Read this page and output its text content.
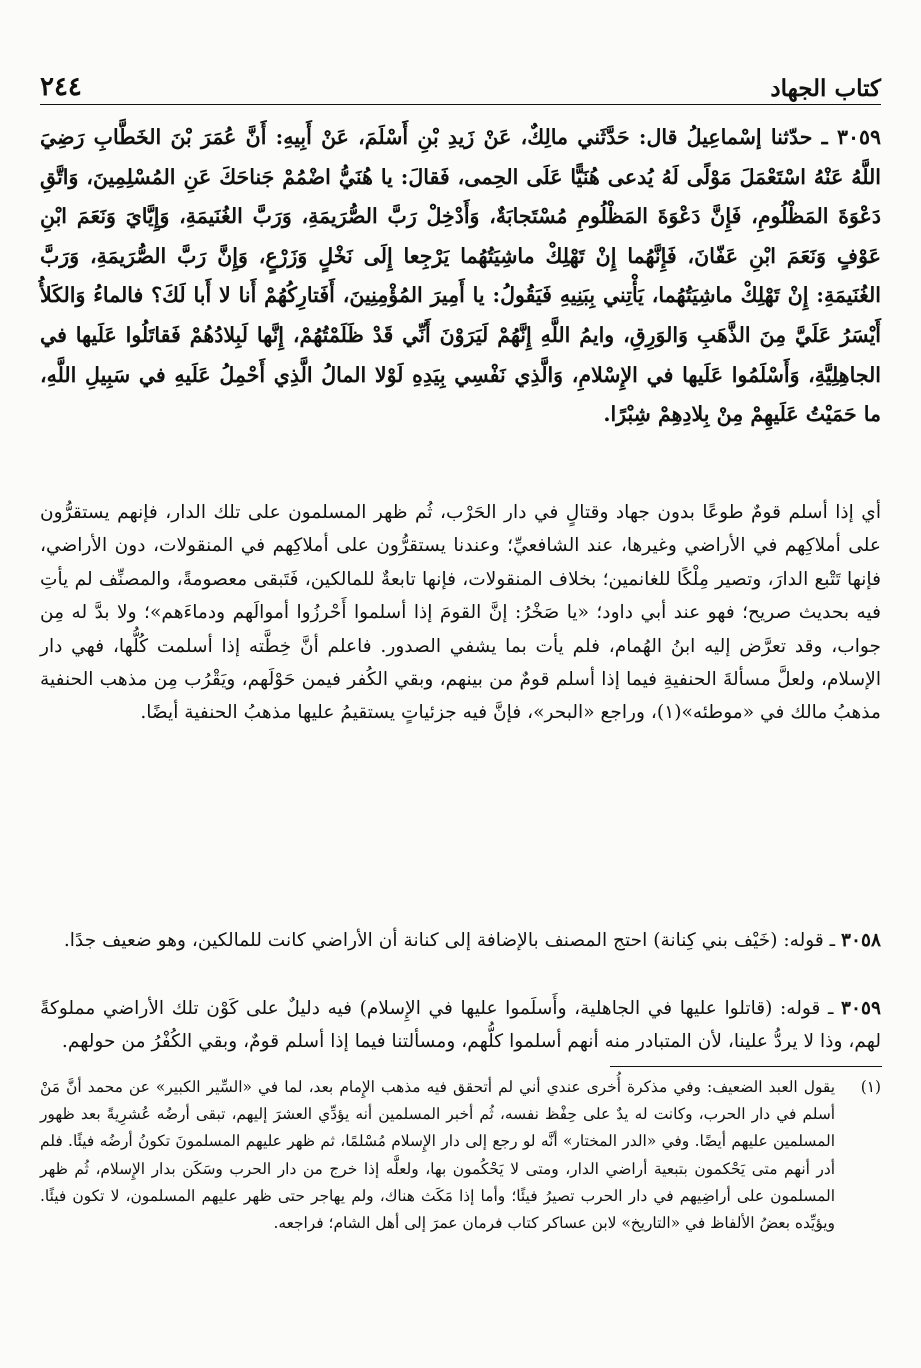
٢٤٤	كتاب الجهاد
٣٠٥٩ ـ حدّثنا إسْماعِيلُ قال: حَدَّثَني مالِكٌ، عَنْ زَيدِ بْنِ أَسْلَمَ، عَنْ أَبِيهِ: أَنَّ عُمَرَ بْنَ الخَطَّابِ رَضِيَ اللَّهُ عَنْهُ اسْتَعْمَلَ مَوْلًى لَهُ يُدعى هُنَيًّا عَلَى الحِمى، فَقالَ: يا هُنَيُّ اضْمُمْ جَناحَكَ عَنِ المُسْلِمِينَ، وَاتَّقِ دَعْوَةَ المَظْلُومِ، فَإِنَّ دَعْوَةَ المَظْلُومِ مُسْتَجابَةٌ، وَأَدْخِلْ رَبَّ الصُّرَيمَةِ، وَرَبَّ الغُنَيمَةِ، وَإِيَّايَ وَنَعَمَ ابْنِ عَوْفٍ وَنَعَمَ ابْنِ عَفّانَ، فَإِنَّهُما إِنْ تَهْلِكْ ماشِيَتُهُما يَرْجِعا إِلَى نَخْلٍ وَزَرْعٍ، وَإِنَّ رَبَّ الصُّرَيمَةِ، وَرَبَّ الغُنَيمَةِ: إِنْ تَهْلِكْ ماشِيَتُهُما، يَأْتِني بِبَنِيهِ فَيَقُولُ: يا أَمِيرَ المُؤْمِنِينَ، أَفَتارِكُهُمْ أَنا لا أَبا لَكَ؟ فالماءُ وَالكَلأُ أَيْسَرُ عَلَيَّ مِنَ الذَّهَبِ وَالوَرِقِ، وايمُ اللَّهِ إِنَّهُمْ لَيَرَوْنَ أَنِّي قَدْ ظَلَمْتُهُمْ، إِنَّها لَبِلادُهُمْ فَقاتَلُوا عَلَيها في الجاهِلِيَّةِ، وَأَسْلَمُوا عَلَيها في الإِسْلامِ، وَالَّذِي نَفْسِي بِيَدِهِ لَوْلا المالُ الَّذِي أَحْمِلُ عَلَيهِ في سَبِيلِ اللَّهِ، ما حَمَيْتُ عَلَيهِمْ مِنْ بِلادِهِمْ شِبْرًا.
أي إذا أسلم قومٌ طوعًا بدون جهاد وقتالٍ في دار الحَرْب، ثُم ظهر المسلمون على تلك الدار، فإنهم يستقرُّون على أملاكِهم في الأراضي وغيرها، عند الشافعيِّ؛ وعندنا يستقرُّون على أملاكِهم في المنقولات، دون الأراضي، فإنها تَتْبع الدارَ، وتصير مِلْكًا للغانمين؛ بخلاف المنقولات، فإنها تابعةٌ للمالكين، فَتَبقى معصومةً، والمصنِّف لم يأتِ فيه بحديث صريح؛ فهو عند أبي داود؛ «يا صَخْرُ: إنَّ القومَ إذا أسلموا أَحْرزُوا أموالَهم ودماءَهم»؛ ولا بدَّ له مِن جواب، وقد تعرَّض إليه ابنُ الهُمام، فلم يأت بما يشفي الصدور. فاعلم أنَّ خِطَّته إذا أسلمت كُلُّها، فهي دار الإسلام، ولعلَّ مسألةَ الحنفيةِ فيما إذا أسلم قومٌ من بينهم، وبقي الكُفر فيمن حَوْلَهم، ويَقْرُب مِن مذهب الحنفية مذهبُ مالك في «موطئه»(١)، وراجع «البحر»، فإنَّ فيه جزئياتٍ يستقيمُ عليها مذهبُ الحنفية أيضًا.
٣٠٥٨ ـ قوله: (خَيْف بني كِنانة) احتج المصنف بالإضافة إلى كنانة أن الأراضي كانت للمالكين، وهو ضعيف جدًا.
٣٠٥٩ ـ قوله: (قاتلوا عليها في الجاهلية، وأَسلَموا عليها في الإِسلام) فيه دليلٌ على كَوْن تلك الأراضي مملوكةً لهم، وذا لا يردُّ علينا، لأن المتبادر منه أنهم أسلموا كلُّهم، ومسألتنا فيما إذا أسلم قومٌ، وبقي الكُفْرُ من حولهم.
(١)
يقول العبد الضعيف: وفي مذكرة أُخرى عندي أني لم أتحقق فيه مذهب الإِمام بعد، لما في «السِّير الكبير» عن محمد أنَّ مَنْ أسلم في دار الحرب، وكانت له يدٌ على حِفْظ نفسه، ثُم أخبر المسلمين أنه يؤدِّي العشرَ إليهم، تبقى أرضُه عُشرِيةً بعد ظهور المسلمين عليهم أيضًا. وفي «الدر المختار» أنَّه لو رجع إلى دار الإِسلام مُسْلمًا، ثم ظهر عليهم المسلمونَ تكونُ أرضُه فيئًا. فلم أدر أنهم متى يَحْكمون بتبعية أراضي الدار، ومتى لا يَحْكُمون بها، ولعلَّه إذا خرج من دار الحرب وسَكَن بدار الإِسلام، ثُم ظهر المسلمون على أراضِيهم في دار الحرب تصيرُ فيئًا؛ وأما إذا مَكَث هناك، ولم يهاجر حتى ظهر عليهم المسلمون، لا تكون فيئًا. ويؤيِّده بعضُ الألفاظ في «التاريخ» لابن عساكر كتاب فرمان عمرَ إلى أهل الشام؛ فراجعه.
